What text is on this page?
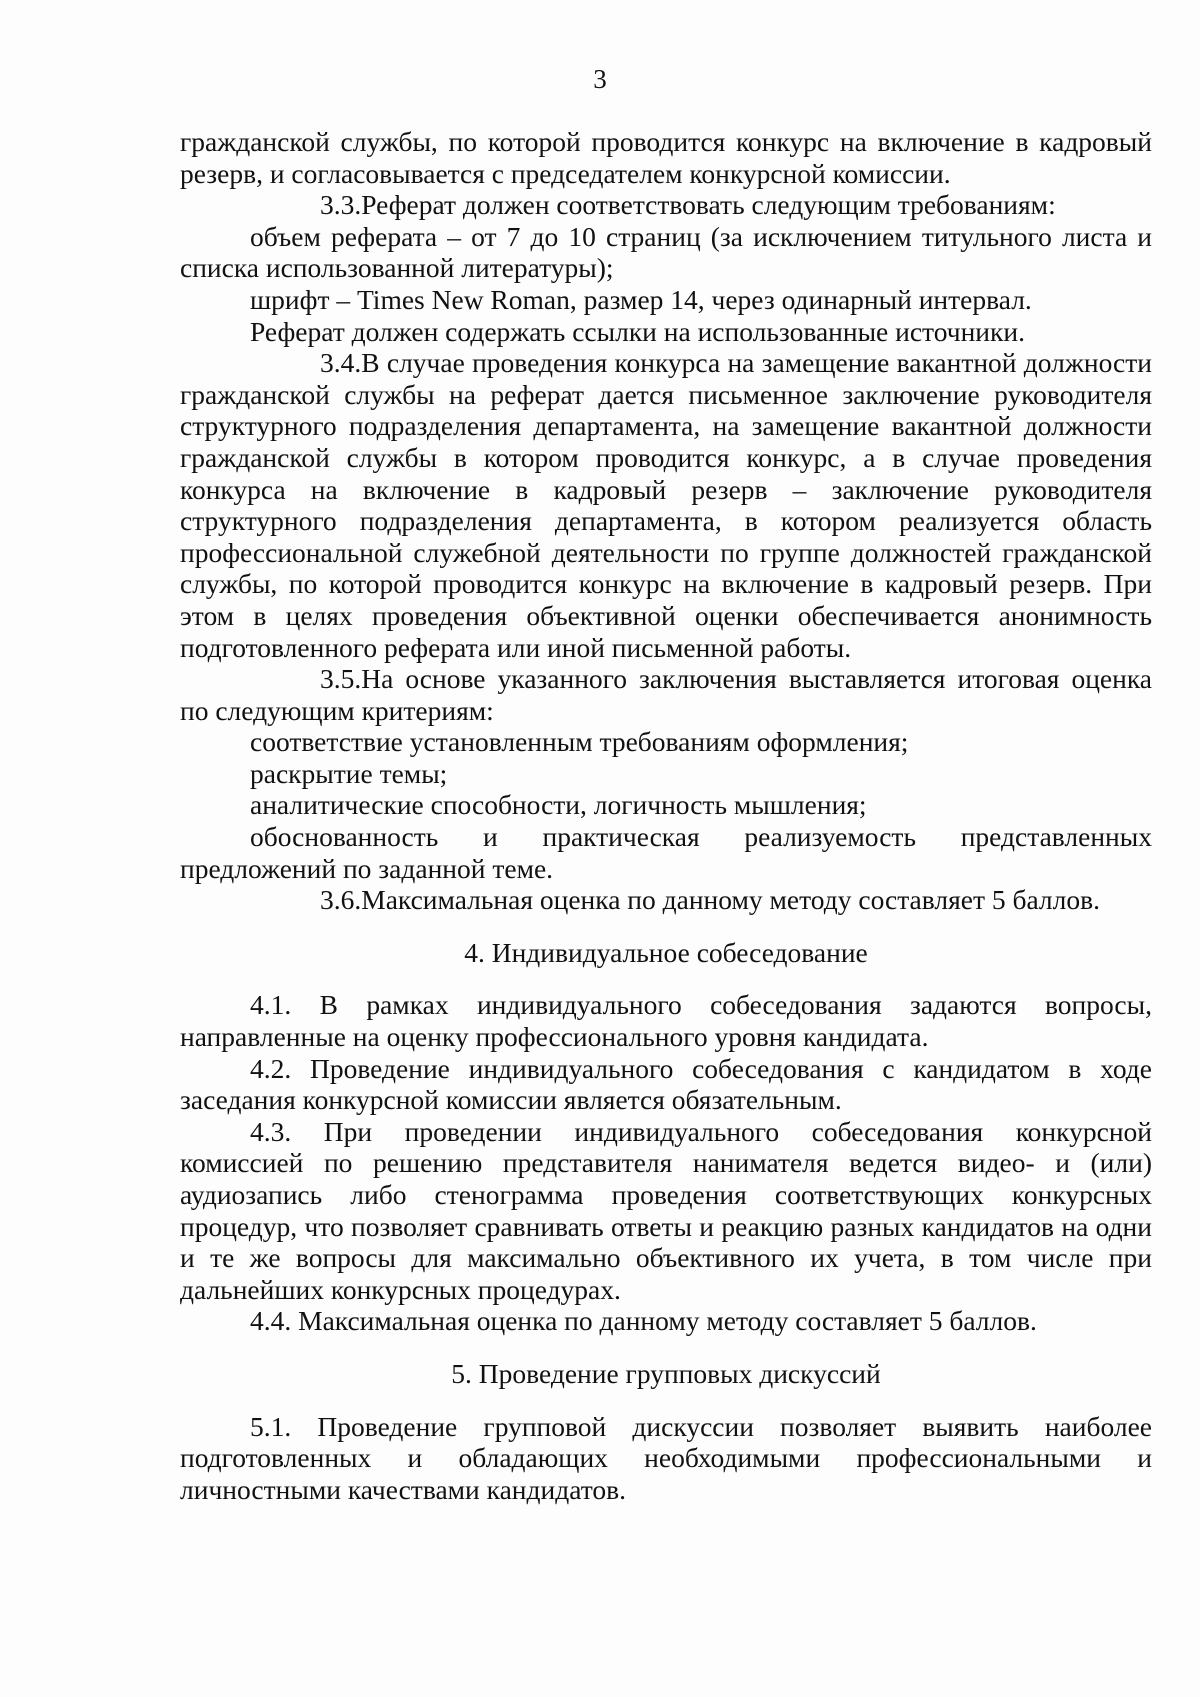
3

гражданской службы, по которой проводится конкурс на включение в кадровый резерв, и согласовывается с председателем конкурсной комиссии.

3.3.Реферат должен соответствовать следующим требованиям:

объем реферата – от 7 до 10 страниц (за исключением титульного листа и списка использованной литературы);

шрифт – Times New Roman, размер 14, через одинарный интервал.

Реферат должен содержать ссылки на использованные источники.

3.4.В случае проведения конкурса на замещение вакантной должности гражданской службы на реферат дается письменное заключение руководителя структурного подразделения департамента, на замещение вакантной должности гражданской службы в котором проводится конкурс, а в случае проведения конкурса на включение в кадровый резерв – заключение руководителя структурного подразделения департамента, в котором реализуется область профессиональной служебной деятельности по группе должностей гражданской службы, по которой проводится конкурс на включение в кадровый резерв. При этом в целях проведения объективной оценки обеспечивается анонимность подготовленного реферата или иной письменной работы.

3.5.На основе указанного заключения выставляется итоговая оценка по следующим критериям:

соответствие установленным требованиям оформления;

раскрытие темы;

аналитические способности, логичность мышления;

обоснованность и практическая реализуемость представленных предложений по заданной теме.

3.6.Максимальная оценка по данному методу составляет 5 баллов.

4. Индивидуальное собеседование

4.1. В рамках индивидуального собеседования задаются вопросы, направленные на оценку профессионального уровня кандидата.

4.2. Проведение индивидуального собеседования с кандидатом в ходе заседания конкурсной комиссии является обязательным.

4.3. При проведении индивидуального собеседования конкурсной комиссией по решению представителя нанимателя ведется видео- и (или) аудиозапись либо стенограмма проведения соответствующих конкурсных процедур, что позволяет сравнивать ответы и реакцию разных кандидатов на одни и те же вопросы для максимально объективного их учета, в том числе при дальнейших конкурсных процедурах.

4.4. Максимальная оценка по данному методу составляет 5 баллов.

5. Проведение групповых дискуссий

5.1. Проведение групповой дискуссии позволяет выявить наиболее подготовленных и обладающих необходимыми профессиональными и личностными качествами кандидатов.
